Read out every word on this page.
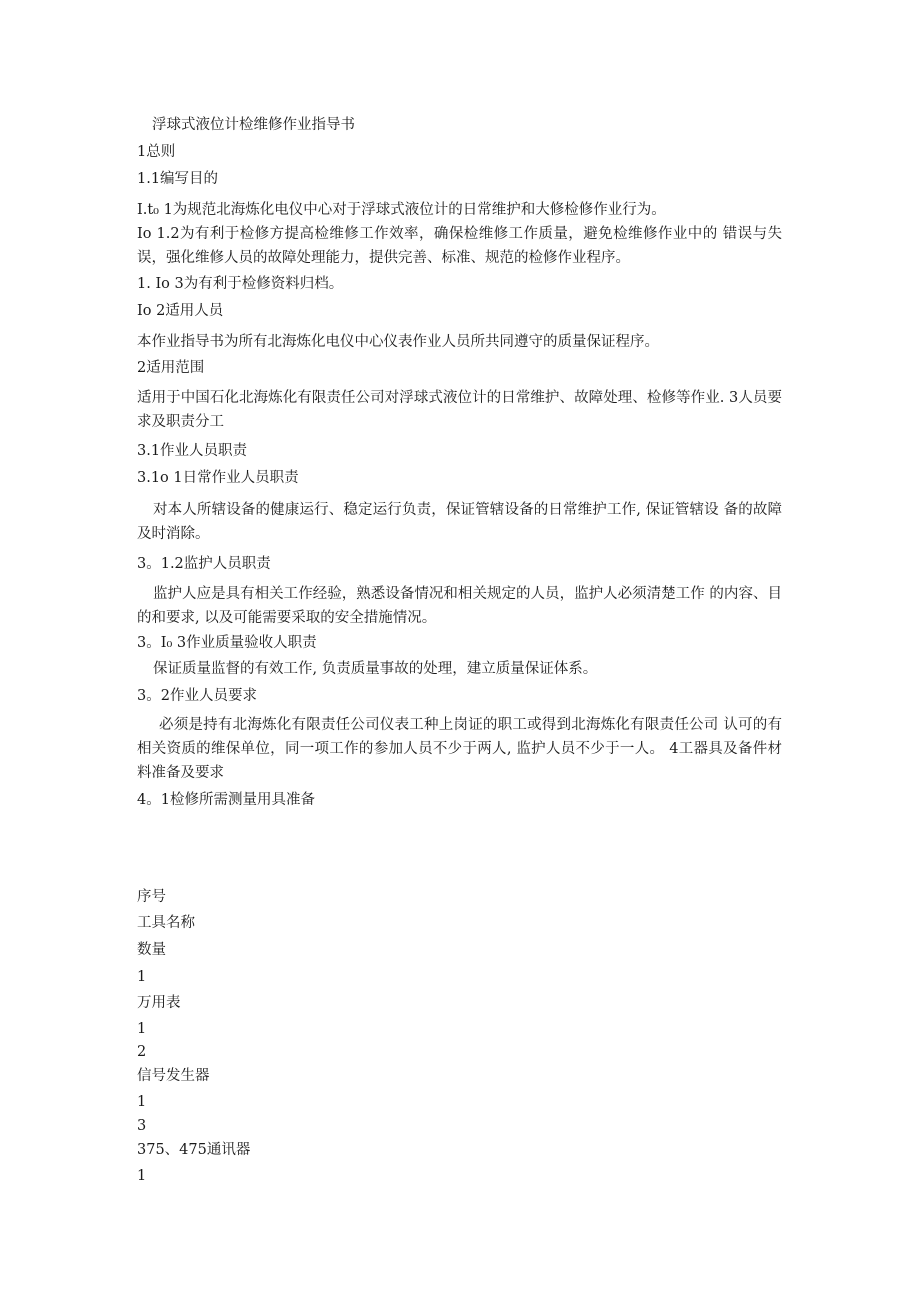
浮球式液位计检维修作业指导书
1总则
1.1编写目的
I.t₀ 1为规范北海炼化电仪中心对于浮球式液位计的日常维护和大修检修作业行为。
Io 1.2为有利于检修方提高检维修工作效率，确保检维修工作质量，避免检维修作业中的 错误与失误，强化维修人员的故障处理能力，提供完善、标准、规范的检修作业程序。
1. Io 3为有利于检修资料归档。
Io 2适用人员
本作业指导书为所有北海炼化电仪中心仪表作业人员所共同遵守的质量保证程序。
2适用范围
适用于中国石化北海炼化有限责任公司对浮球式液位计的日常维护、故障处理、检修等作业. 3人员要求及职责分工
3.1作业人员职责
3.1o 1日常作业人员职责
对本人所辖设备的健康运行、稳定运行负责，保证管辖设备的日常维护工作, 保证管辖设 备的故障及时消除。
3。1.2监护人员职责
监护人应是具有相关工作经验，熟悉设备情况和相关规定的人员，监护人必须清楚工作 的内容、目的和要求, 以及可能需要采取的安全措施情况。
3。I₀ 3作业质量验收人职责
保证质量监督的有效工作, 负责质量事故的处理，建立质量保证体系。
3。2作业人员要求
必须是持有北海炼化有限责任公司仪表工种上岗证的职工或得到北海炼化有限责任公司 认可的有相关资质的维保单位，同一项工作的参加人员不少于两人, 监护人员不少于一人。 4工器具及备件材料准备及要求
4。1检修所需测量用具准备
序号
工具名称
数量
1
万用表
1
2
信号发生器
1
3
375、475通讯器
1
